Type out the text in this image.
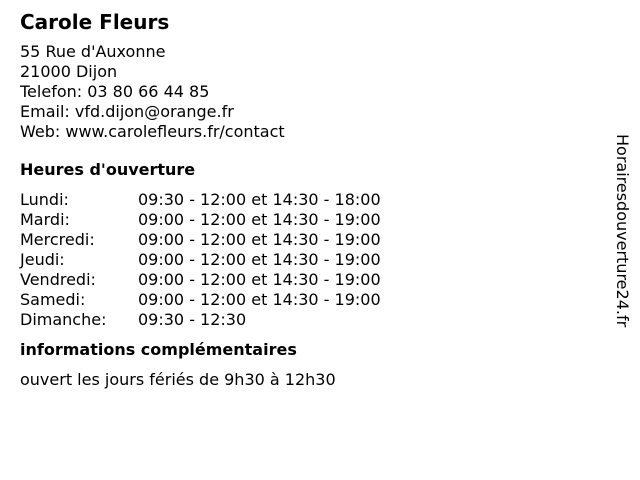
Carole Fleurs
55 Rue d'Auxonne
21000 Dijon
Telefon: 03 80 66 44 85
Email: vfd.dijon@orange.fr
Web: www.carolefleurs.fr/contact
Heures d'ouverture
Lundi:	09:30 - 12:00 et 14:30 - 18:00
Mardi:	09:00 - 12:00 et 14:30 - 19:00
Mercredi:	09:00 - 12:00 et 14:30 - 19:00
Jeudi:	09:00 - 12:00 et 14:30 - 19:00
Vendredi:	09:00 - 12:00 et 14:30 - 19:00
Samedi:	09:00 - 12:00 et 14:30 - 19:00
Dimanche:	09:30 - 12:30
informations complémentaires
ouvert les jours fériés de 9h30 à 12h30
Horairesdouverture24.fr
